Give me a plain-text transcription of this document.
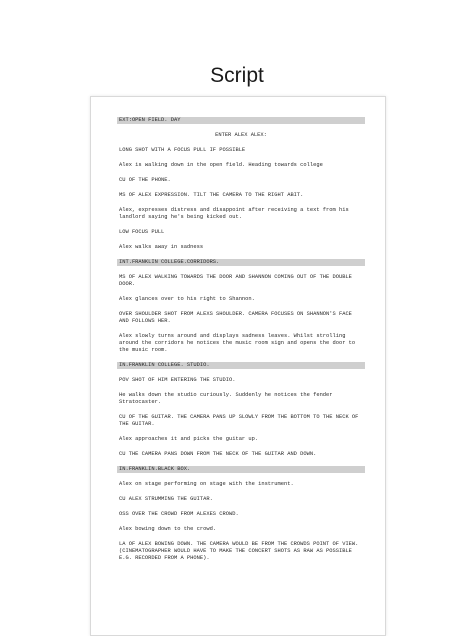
Script
EXT:OPEN FIELD. DAY
ENTER ALEX ALEX:
LONG SHOT WITH A FOCUS PULL IF POSSIBLE
Alex is walking down in the open field. Heading towards college
CU OF THE PHONE.
MS OF ALEX EXPRESSION. TILT THE CAMERA TO THE RIGHT ABIT.
Alex, expresses distress and disappoint after receiving a text from his landlord saying he's being kicked out.
LOW FOCUS PULL
Alex walks away in sadness
INT.FRANKLIN COLLEGE.CORRIDORS.
MS OF ALEX WALKING TOWARDS THE DOOR AND SHANNON COMING OUT OF THE DOUBLE DOOR.
Alex glances over to his right to Shannon.
OVER SHOULDER SHOT FROM ALEXS SHOULDER. CAMERA FOCUSES ON SHANNON'S FACE AND FOLLOWS HER.
Alex slowly turns around and displays sadness leaves. Whilst strolling around the corridors he notices the music room sign and opens the door to the music room.
IN.FRANKLIN COLLEGE. STUDIO.
POV SHOT OF HIM ENTERING THE STUDIO.
He walks down the studio curiously. Suddenly he notices the fender Stratocaster.
CU OF THE GUITAR. THE CAMERA PANS UP SLOWLY FROM THE BOTTOM TO THE NECK OF THE GUITAR.
Alex approaches it and picks the guitar up.
CU THE CAMERA PANS DOWN FROM THE NECK OF THE GUITAR AND DOWN.
IN.FRANKLIN.BLACK BOX.
Alex on stage performing on stage with the instrument.
CU ALEX STRUMMING THE GUITAR.
OSS OVER THE CROWD FROM ALEXES CROWD.
Alex bowing down to the crowd.
LA OF ALEX BOWING DOWN. THE CAMERA WOULD BE FROM THE CROWDS POINT OF VIEW.(CINEMATOGRAPHER WOULD HAVE TO MAKE THE CONCERT SHOTS AS RAW AS POSSIBLE E.G. RECORDED FROM A PHONE).
